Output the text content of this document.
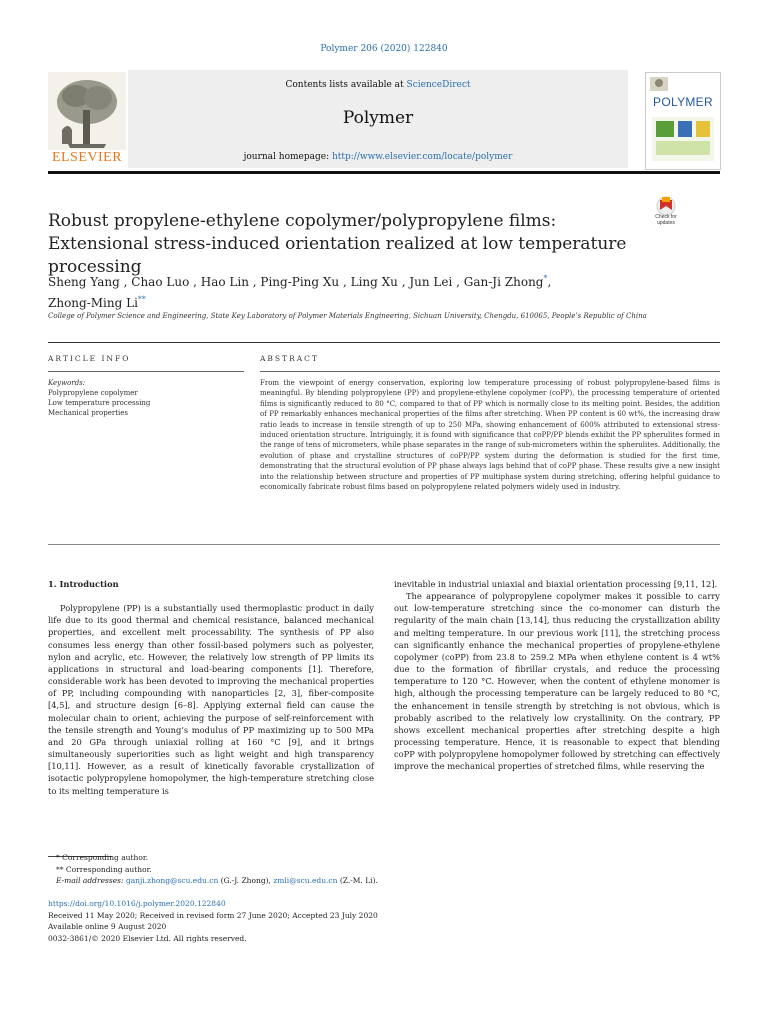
Polymer 206 (2020) 122840
Contents lists available at ScienceDirect
Polymer
journal homepage: http://www.elsevier.com/locate/polymer
ELSEVIER
POLYMER
Robust propylene-ethylene copolymer/polypropylene films: Extensional stress-induced orientation realized at low temperature processing
Check for updates
Sheng Yang , Chao Luo , Hao Lin , Ping-Ping Xu , Ling Xu , Jun Lei , Gan-Ji Zhong*,
Zhong-Ming Li**
College of Polymer Science and Engineering, State Key Laboratory of Polymer Materials Engineering, Sichuan University, Chengdu, 610065, People’s Republic of China
ARTICLE INFO	ABSTRACT
Keywords:
Polypropylene copolymer
Low temperature processing
Mechanical properties
From the viewpoint of energy conservation, exploring low temperature processing of robust polypropylene-based films is meaningful. By blending polypropylene (PP) and propylene-ethylene copolymer (coPP), the processing temperature of oriented films is significantly reduced to 80 °C, compared to that of PP which is normally close to its melting point. Besides, the addition of PP remarkably enhances mechanical properties of the films after stretching. When PP content is 60 wt%, the increasing draw ratio leads to increase in tensile strength of up to 250 MPa, showing enhancement of 600% attributed to extensional stress-induced orientation structure. Intriguingly, it is found with significance that coPP/PP blends exhibit the PP spherulites formed in the range of tens of micrometers, while phase separates in the range of sub-micrometers within the spherulites. Additionally, the evolution of phase and crystalline structures of coPP/PP system during the deformation is studied for the first time, demonstrating that the structural evolution of PP phase always lags behind that of coPP phase. These results give a new insight into the relationship between structure and properties of PP multiphase system during stretching, offering helpful guidance to economically fabricate robust films based on polypropylene related polymers widely used in industry.
1. Introduction

Polypropylene (PP) is a substantially used thermoplastic product in daily life due to its good thermal and chemical resistance, balanced mechanical properties, and excellent melt processability. The synthesis of PP also consumes less energy than other fossil-based polymers such as polyester, nylon and acrylic, etc. However, the relatively low strength of PP limits its applications in structural and load-bearing components [1]. Therefore, considerable work has been devoted to improving the mechanical properties of PP, including compounding with nanoparticles [2, 3], fiber-composite [4,5], and structure design [6–8]. Applying external field can cause the molecular chain to orient, achieving the purpose of self-reinforcement with the tensile strength and Young’s modulus of PP maximizing up to 500 MPa and 20 GPa through uniaxial rolling at 160 °C [9], and it brings simultaneously superiorities such as light weight and high transparency [10,11]. However, as a result of kinetically favorable crystallization of isotactic polypropylene homopolymer, the high-temperature stretching close to its melting temperature is

inevitable in industrial uniaxial and biaxial orientation processing [9,11, 12].

The appearance of polypropylene copolymer makes it possible to carry out low-temperature stretching since the co-monomer can disturb the regularity of the main chain [13,14], thus reducing the crystallization ability and melting temperature. In our previous work [11], the stretching process can significantly enhance the mechanical properties of propylene-ethylene copolymer (coPP) from 23.8 to 259.2 MPa when ethylene content is 4 wt% due to the formation of fibrillar crystals, and reduce the processing temperature to 120 °C. However, when the content of ethylene monomer is high, although the processing temperature can be largely reduced to 80 °C, the enhancement in tensile strength by stretching is not obvious, which is probably ascribed to the relatively low crystallinity. On the contrary, PP shows excellent mechanical properties after stretching despite a high processing temperature. Hence, it is reasonable to expect that blending coPP with polypropylene homopolymer followed by stretching can effectively improve the mechanical properties of stretched films, while reserving the

* Corresponding author.
** Corresponding author.
E-mail addresses: ganji.zhong@scu.edu.cn (G.-J. Zhong), zmli@scu.edu.cn (Z.-M. Li).
https://doi.org/10.1016/j.polymer.2020.122840
Received 11 May 2020; Received in revised form 27 June 2020; Accepted 23 July 2020
Available online 9 August 2020
0032-3861/© 2020 Elsevier Ltd. All rights reserved.
